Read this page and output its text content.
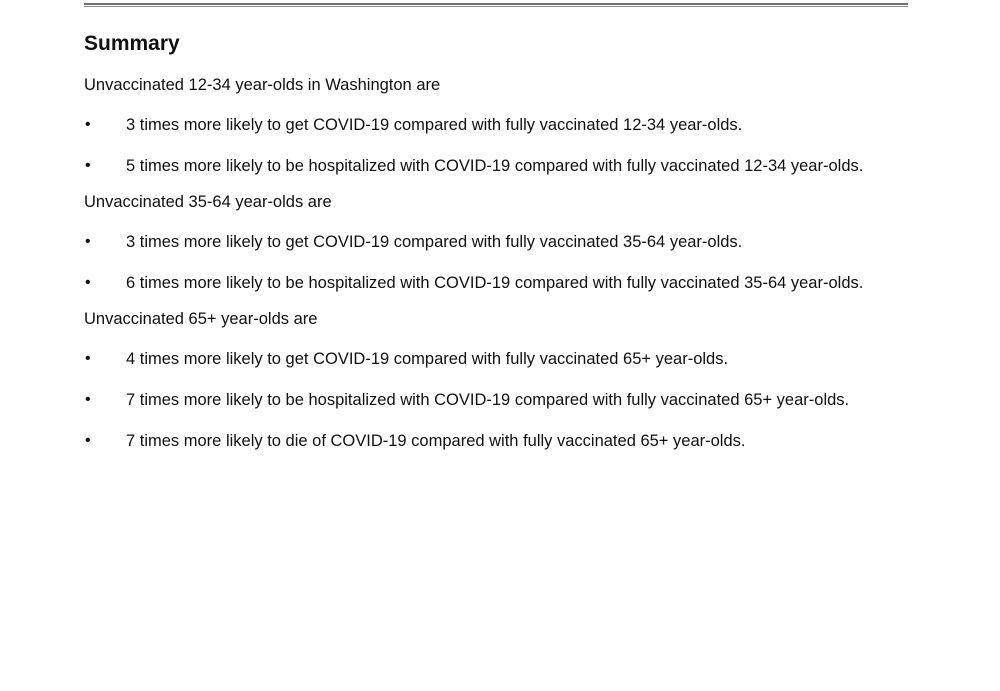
Summary

Unvaccinated 12-34 year-olds in Washington are

• 3 times more likely to get COVID-19 compared with fully vaccinated 12-34 year-olds.
• 5 times more likely to be hospitalized with COVID-19 compared with fully vaccinated 12-34 year-olds.

Unvaccinated 35-64 year-olds are

• 3 times more likely to get COVID-19 compared with fully vaccinated 35-64 year-olds.
• 6 times more likely to be hospitalized with COVID-19 compared with fully vaccinated 35-64 year-olds.

Unvaccinated 65+ year-olds are

• 4 times more likely to get COVID-19 compared with fully vaccinated 65+ year-olds.
• 7 times more likely to be hospitalized with COVID-19 compared with fully vaccinated 65+ year-olds.
• 7 times more likely to die of COVID-19 compared with fully vaccinated 65+ year-olds.
